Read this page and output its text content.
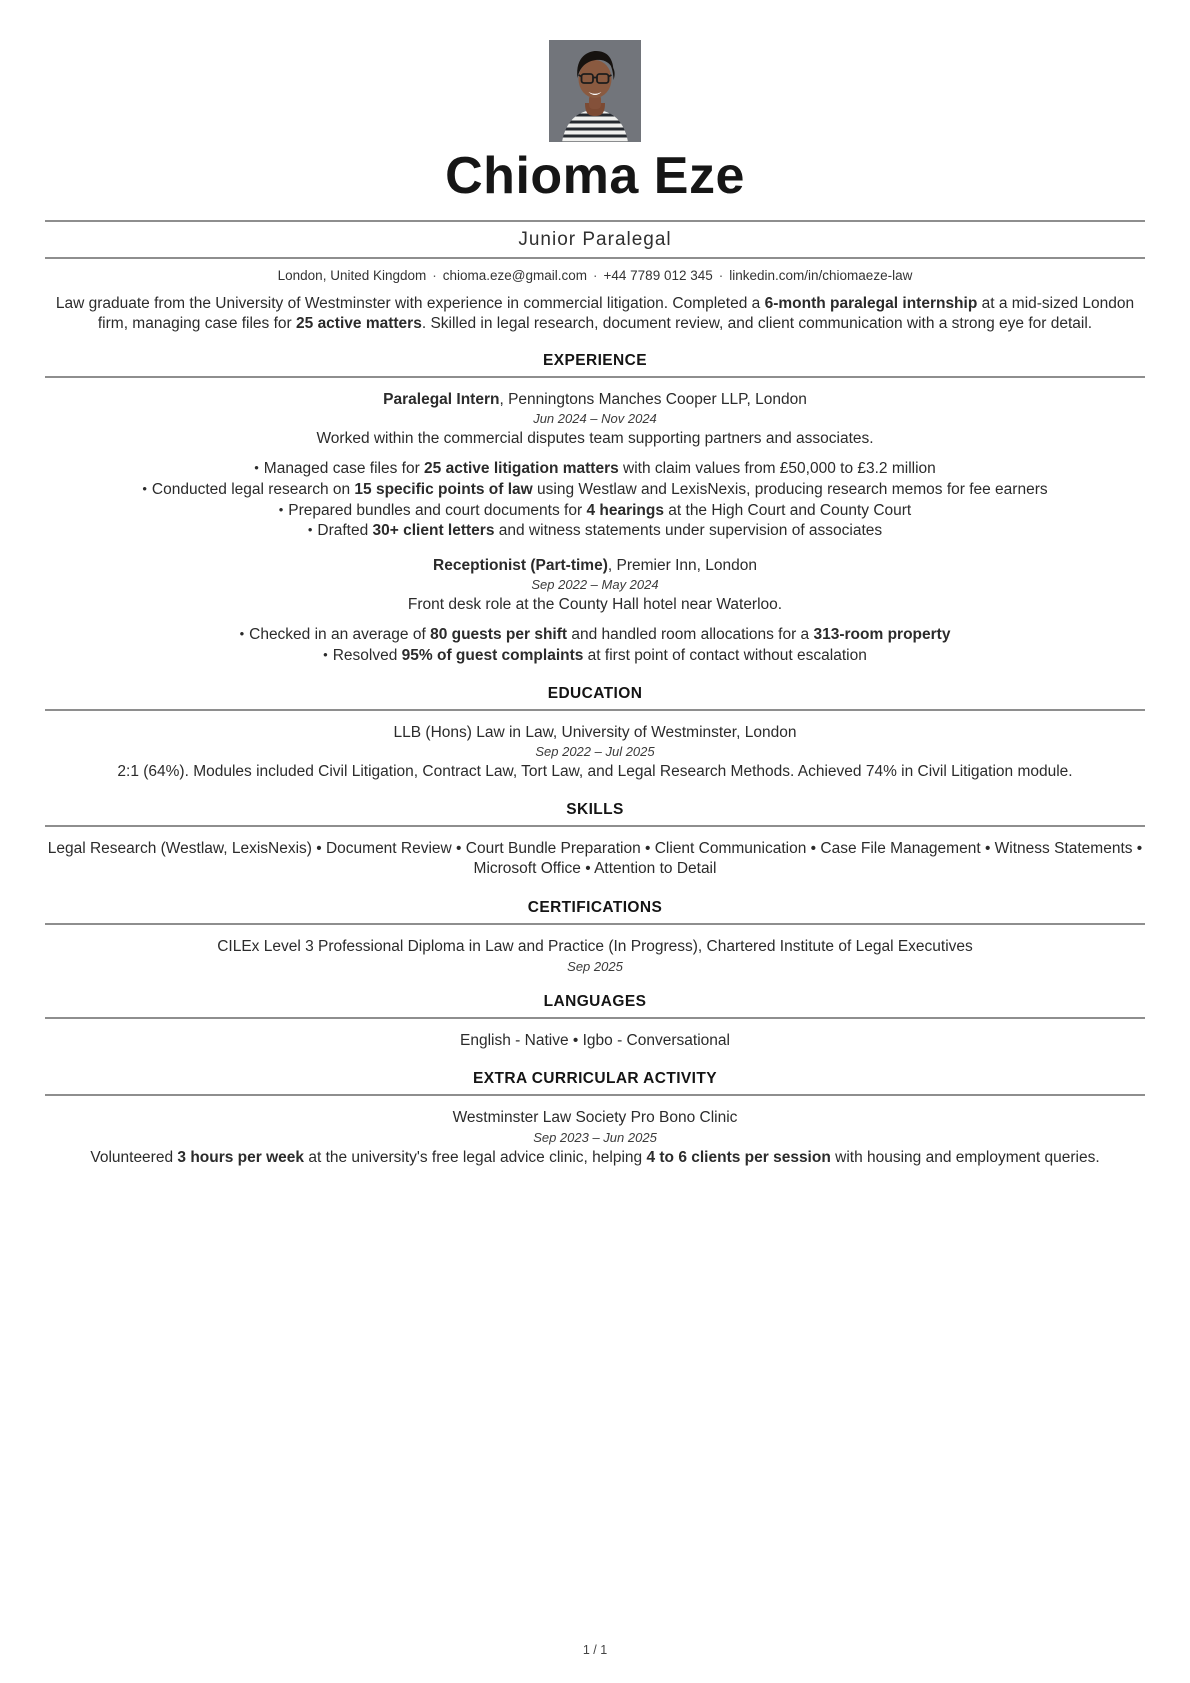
Chioma Eze
Junior Paralegal
London, United Kingdom · chioma.eze@gmail.com · +44 7789 012 345 · linkedin.com/in/chiomaeze-law

Law graduate from the University of Westminster with experience in commercial litigation. Completed a 6-month paralegal internship at a mid-sized London firm, managing case files for 25 active matters. Skilled in legal research, document review, and client communication with a strong eye for detail.

EXPERIENCE
Paralegal Intern, Penningtons Manches Cooper LLP, London
Jun 2024 – Nov 2024
Worked within the commercial disputes team supporting partners and associates.
• Managed case files for 25 active litigation matters with claim values from £50,000 to £3.2 million
• Conducted legal research on 15 specific points of law using Westlaw and LexisNexis, producing research memos for fee earners
• Prepared bundles and court documents for 4 hearings at the High Court and County Court
• Drafted 30+ client letters and witness statements under supervision of associates
Receptionist (Part-time), Premier Inn, London
Sep 2022 – May 2024
Front desk role at the County Hall hotel near Waterloo.
• Checked in an average of 80 guests per shift and handled room allocations for a 313-room property
• Resolved 95% of guest complaints at first point of contact without escalation
EDUCATION
LLB (Hons) Law in Law, University of Westminster, London
Sep 2022 – Jul 2025
2:1 (64%). Modules included Civil Litigation, Contract Law, Tort Law, and Legal Research Methods. Achieved 74% in Civil Litigation module.
SKILLS
Legal Research (Westlaw, LexisNexis) • Document Review • Court Bundle Preparation • Client Communication • Case File Management • Witness Statements • Microsoft Office • Attention to Detail
CERTIFICATIONS
CILEx Level 3 Professional Diploma in Law and Practice (In Progress), Chartered Institute of Legal Executives
Sep 2025
LANGUAGES
English - Native • Igbo - Conversational
EXTRA CURRICULAR ACTIVITY
Westminster Law Society Pro Bono Clinic
Sep 2023 – Jun 2025
Volunteered 3 hours per week at the university's free legal advice clinic, helping 4 to 6 clients per session with housing and employment queries.
1 / 1
